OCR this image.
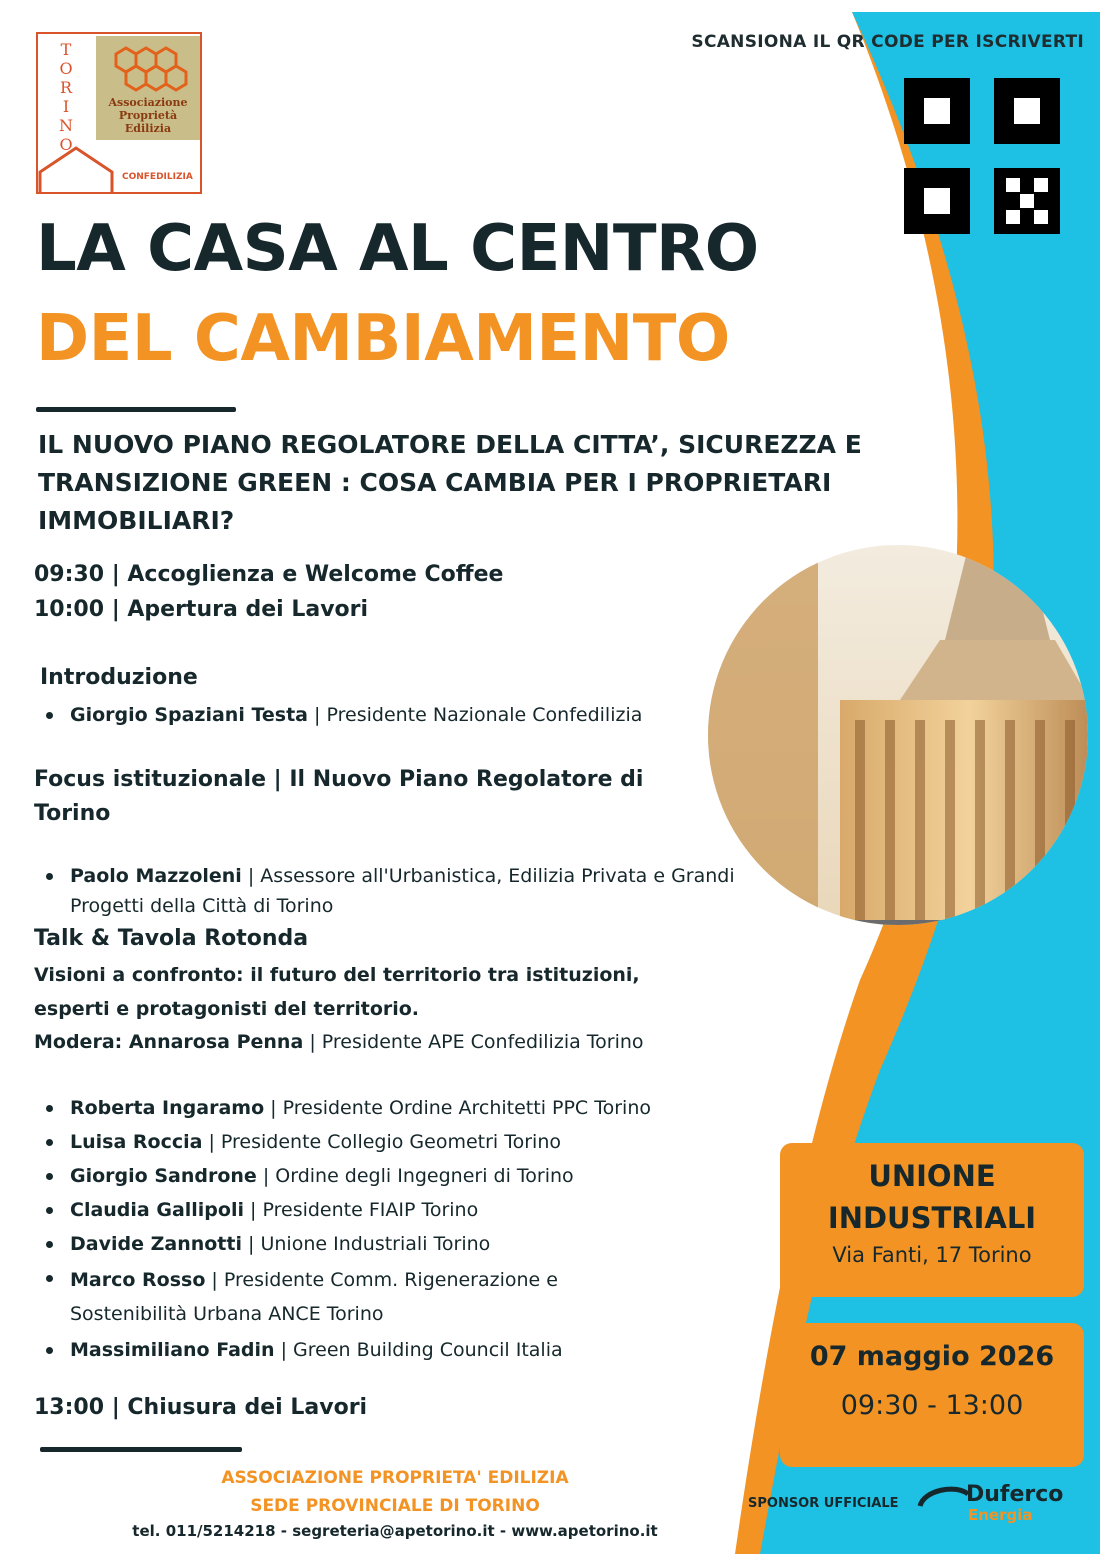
T
O
R
I
N
O
Associazione
Proprietà
Edilizia
CONFEDILIZIA
SCANSIONA IL QR CODE PER ISCRIVERTI
LA CASA AL CENTRO
DEL CAMBIAMENTO
IL NUOVO PIANO REGOLATORE DELLA CITTA’, SICUREZZA E TRANSIZIONE GREEN : COSA CAMBIA PER I PROPRIETARI IMMOBILIARI?
09:30 | Accoglienza e Welcome Coffee
10:00 | Apertura dei Lavori
Introduzione
Giorgio Spaziani Testa | Presidente Nazionale Confedilizia
Focus istituzionale | Il Nuovo Piano Regolatore di Torino
Paolo Mazzoleni | Assessore all'Urbanistica, Edilizia Privata e Grandi Progetti della Città di Torino
Talk & Tavola Rotonda
Visioni a confronto: il futuro del territorio tra istituzioni, esperti e protagonisti del territorio.
Modera: Annarosa Penna | Presidente APE Confedilizia Torino
Roberta Ingaramo | Presidente Ordine Architetti PPC Torino
Luisa Roccia | Presidente Collegio Geometri Torino
Giorgio Sandrone | Ordine degli Ingegneri di Torino
Claudia Gallipoli | Presidente FIAIP Torino
Davide Zannotti | Unione Industriali Torino
Marco Rosso | Presidente Comm. Rigenerazione e Sostenibilità Urbana ANCE Torino
Massimiliano Fadin | Green Building Council Italia
13:00 | Chiusura dei Lavori
UNIONE
INDUSTRIALI
Via Fanti, 17 Torino
07 maggio 2026
09:30 - 13:00
ASSOCIAZIONE PROPRIETA' EDILIZIA
SEDE PROVINCIALE DI TORINO
tel. 011/5214218 - segreteria@apetorino.it - www.apetorino.it
SPONSOR UFFICIALE	Duferco
Energia
